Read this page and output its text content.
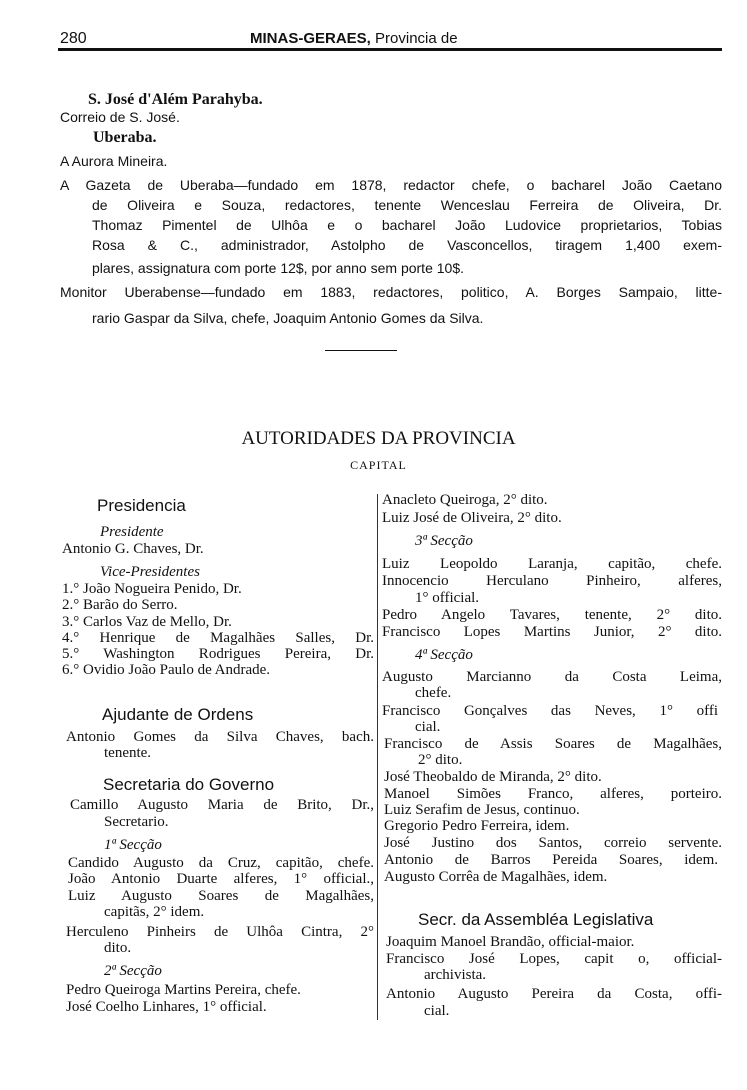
280	MINAS-GERAES, Provincia de
S. José d'Além Parahyba.
Correio de S. José.
Uberaba.
A Aurora Mineira.
A Gazeta de Uberaba—fundado em 1878, redactor chefe, o bacharel João Caetano
de Oliveira e Souza, redactores, tenente Wenceslau Ferreira de Oliveira, Dr.
Thomaz Pimentel de Ulhôa e o bacharel João Ludovice proprietarios, Tobias
Rosa & C., administrador, Astolpho de Vasconcellos, tiragem 1,400 exem-
plares, assignatura com porte 12$, por anno sem porte 10$.
Monitor Uberabense—fundado em 1883, redactores, politico, A. Borges Sampaio, litte-
rario Gaspar da Silva, chefe, Joaquim Antonio Gomes da Silva.
AUTORIDADES DA PROVINCIA
CAPITAL
Presidencia
Presidente
Antonio G. Chaves, Dr.
Vice-Presidentes
1.° João Nogueira Penido, Dr.
2.° Barão do Serro.
3.° Carlos Vaz de Mello, Dr.
4.° Henrique de Magalhães Salles, Dr.
5.° Washington Rodrigues Pereira, Dr.
6.° Ovidio João Paulo de Andrade.
Ajudante de Ordens
Antonio Gomes da Silva Chaves, bach.
tenente.
Secretaria do Governo
Camillo Augusto Maria de Brito, Dr.,
Secretario.
1ª Secção
Candido Augusto da Cruz, capitão, chefe.
João Antonio Duarte alferes, 1° official.,
Luiz Augusto Soares de Magalhães,
capitãs, 2° idem.
Herculeno Pinheirs de Ulhôa Cintra, 2°
dito.
2ª Secção
Pedro Queiroga Martins Pereira, chefe.
José Coelho Linhares, 1° official.
Anacleto Queiroga, 2° dito.
Luiz José de Oliveira, 2° dito.
3ª Secção
Luiz Leopoldo Laranja, capitão, chefe.
Innocencio Herculano Pinheiro, alferes,
1° official.
Pedro Angelo Tavares, tenente, 2° dito.
Francisco Lopes Martins Junior, 2° dito.
4ª Secção
Augusto Marcianno da Costa Leima,
chefe.
Francisco Gonçalves das Neves, 1° offi
cial.
Francisco de Assis Soares de Magalhães,
2° dito.
José Theobaldo de Miranda, 2° dito.
Manoel Simões Franco, alferes, porteiro.
Luiz Serafim de Jesus, continuo.
Gregorio Pedro Ferreira, idem.
José Justino dos Santos, correio servente.
Antonio de Barros Pereida Soares, idem.
Augusto Corrêa de Magalhães, idem.
Secr. da Assembléa Legislativa
Joaquim Manoel Brandão, official-maior.
Francisco José Lopes, capit o, official-
archivista.
Antonio Augusto Pereira da Costa, offi-
cial.
